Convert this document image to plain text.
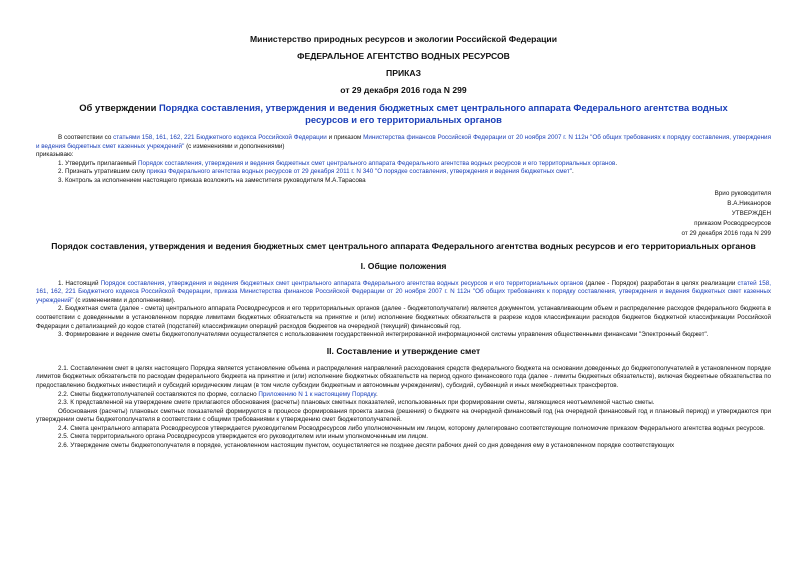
Министерство природных ресурсов и экологии Российской Федерации
ФЕДЕРАЛЬНОЕ АГЕНТСТВО ВОДНЫХ РЕСУРСОВ
ПРИКАЗ
от 29 декабря 2016 года N 299
Об утверждении Порядка составления, утверждения и ведения бюджетных смет центрального аппарата Федерального агентства водных ресурсов и его территориальных органов
В соответствии со статьями 158, 161, 162, 221 Бюджетного кодекса Российской Федерации и приказом Министерства финансов Российской Федерации от 20 ноября 2007 г. N 112н "Об общих требованиях к порядку составления, утверждения и ведения бюджетных смет казенных учреждений" (с изменениями и дополнениями)
приказываю:
1. Утвердить прилагаемый Порядок составления, утверждения и ведения бюджетных смет центрального аппарата Федерального агентства водных ресурсов и его территориальных органов.
2. Признать утратившим силу приказ Федерального агентства водных ресурсов от 29 декабря 2011 г. N 340 "О порядке составления, утверждения и ведения бюджетных смет".
3. Контроль за исполнением настоящего приказа возложить на заместителя руководителя М.А.Тарасова
Врио руководителя
В.А.Никаноров
УТВЕРЖДЕН
приказом Росводресурсов
от 29 декабря 2016 года N 299
Порядок составления, утверждения и ведения бюджетных смет центрального аппарата Федерального агентства водных ресурсов и его территориальных органов
I. Общие положения
1. Настоящий Порядок составления, утверждения и ведения бюджетных смет центрального аппарата Федерального агентства водных ресурсов и его территориальных органов (далее - Порядок) разработан в целях реализации статей 158, 161, 162, 221 Бюджетного кодекса Российской Федерации, приказа Министерства финансов Российской Федерации от 20 ноября 2007 г. N 112н "Об общих требованиях к порядку составления, утверждения и ведения бюджетных смет казенных учреждений" (с изменениями и дополнениями).
2. Бюджетная смета (далее - смета) центрального аппарата Росводресурсов и его территориальных органов (далее - бюджетополучатели) является документом, устанавливающим объем и распределение расходов федерального бюджета в соответствии с доведенными в установленном порядке лимитами бюджетных обязательств на принятие и (или) исполнение бюджетных обязательств в разрезе кодов классификации расходов бюджетов бюджетной классификации Российской Федерации с детализацией до кодов статей (подстатей) классификации операций расходов бюджетов на очередной (текущий) финансовый год.
3. Формирование и ведение сметы бюджетополучателями осуществляется с использованием государственной интегрированной информационной системы управления общественными финансами "Электронный бюджет".
II. Составление и утверждение смет
2.1. Составлением смет в целях настоящего Порядка является установление объема и распределения направлений расходования средств федерального бюджета на основании доведенных до бюджетополучателей в установленном порядке лимитов бюджетных обязательств по расходам федерального бюджета на принятие и (или) исполнение бюджетных обязательств на период одного финансового года (далее - лимиты бюджетных обязательств), включая бюджетные обязательства по предоставлению бюджетных инвестиций и субсидий юридическим лицам (в том числе субсидии бюджетным и автономным учреждениям), субсидий, субвенций и иных межбюджетных трансфертов.
2.2. Сметы бюджетополучателей составляются по форме, согласно Приложению N 1 к настоящему Порядку.
2.3. К представленной на утверждение смете прилагаются обоснования (расчеты) плановых сметных показателей, использованных при формировании сметы, являющиеся неотъемлемой частью сметы.
Обоснования (расчеты) плановых сметных показателей формируются в процессе формирования проекта закона (решения) о бюджете на очередной финансовый год (на очередной финансовый год и плановый период) и утверждаются при утверждении сметы бюджетополучателя в соответствии с общими требованиями к утверждению смет бюджетополучателей.
2.4. Смета центрального аппарата Росводресурсов утверждается руководителем Росводресурсов либо уполномоченным им лицом, которому делегировано соответствующие полномочие приказом Федерального агентства водных ресурсов.
2.5. Смета территориального органа Росводресурсов утверждается его руководителем или иным уполномоченным им лицом.
2.6. Утверждение сметы бюджетополучателя в порядке, установленном настоящим пунктом, осуществляется не позднее десяти рабочих дней со дня доведения ему в установленном порядке соответствующих
